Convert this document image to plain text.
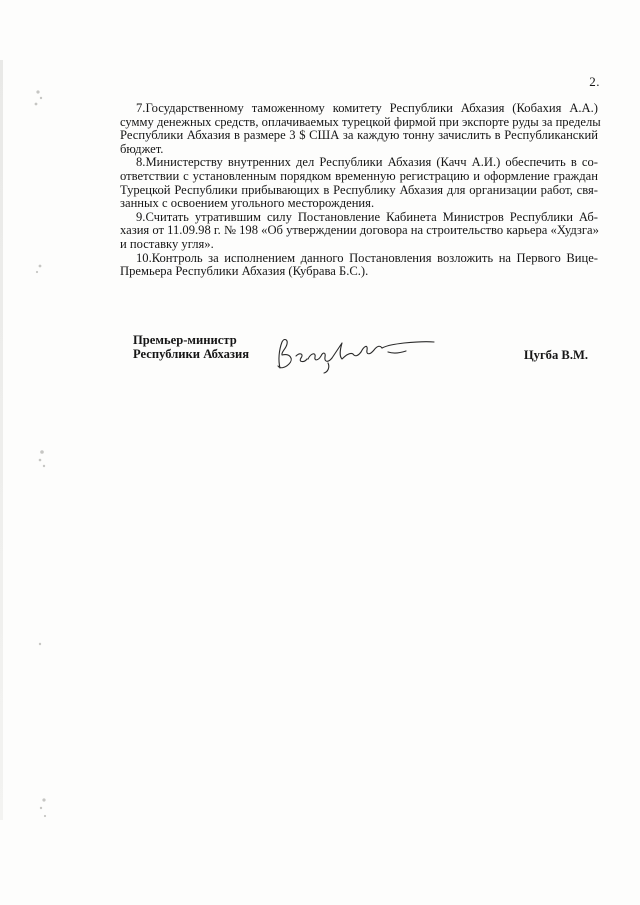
2.

7.Государственному таможенному комитету Республики Абхазия (Кобахия А.А.)
сумму денежных средств, оплачиваемых турецкой фирмой при экспорте руды за пределы
Республики Абхазия в размере 3 $ США за каждую тонну зачислить в Республиканский
бюджет.

8.Министерству внутренних дел Республики Абхазия (Качч А.И.) обеспечить в со-
ответствии с установленным порядком временную регистрацию и оформление граждан
Турецкой Республики прибывающих в Республику Абхазия для организации работ, свя-
занных с освоением угольного месторождения.

9.Считать утратившим силу Постановление Кабинета Министров Республики Аб-
хазия от 11.09.98 г. № 198 «Об утверждении договора на строительство карьера «Худзга»
и поставку угля».

10.Контроль за исполнением данного Постановления возложить на Первого Вице-
Премьера Республики Абхазия (Кубрава Б.С.).

Премьер-министр
Республики Абхазия	Цугба В.М.
